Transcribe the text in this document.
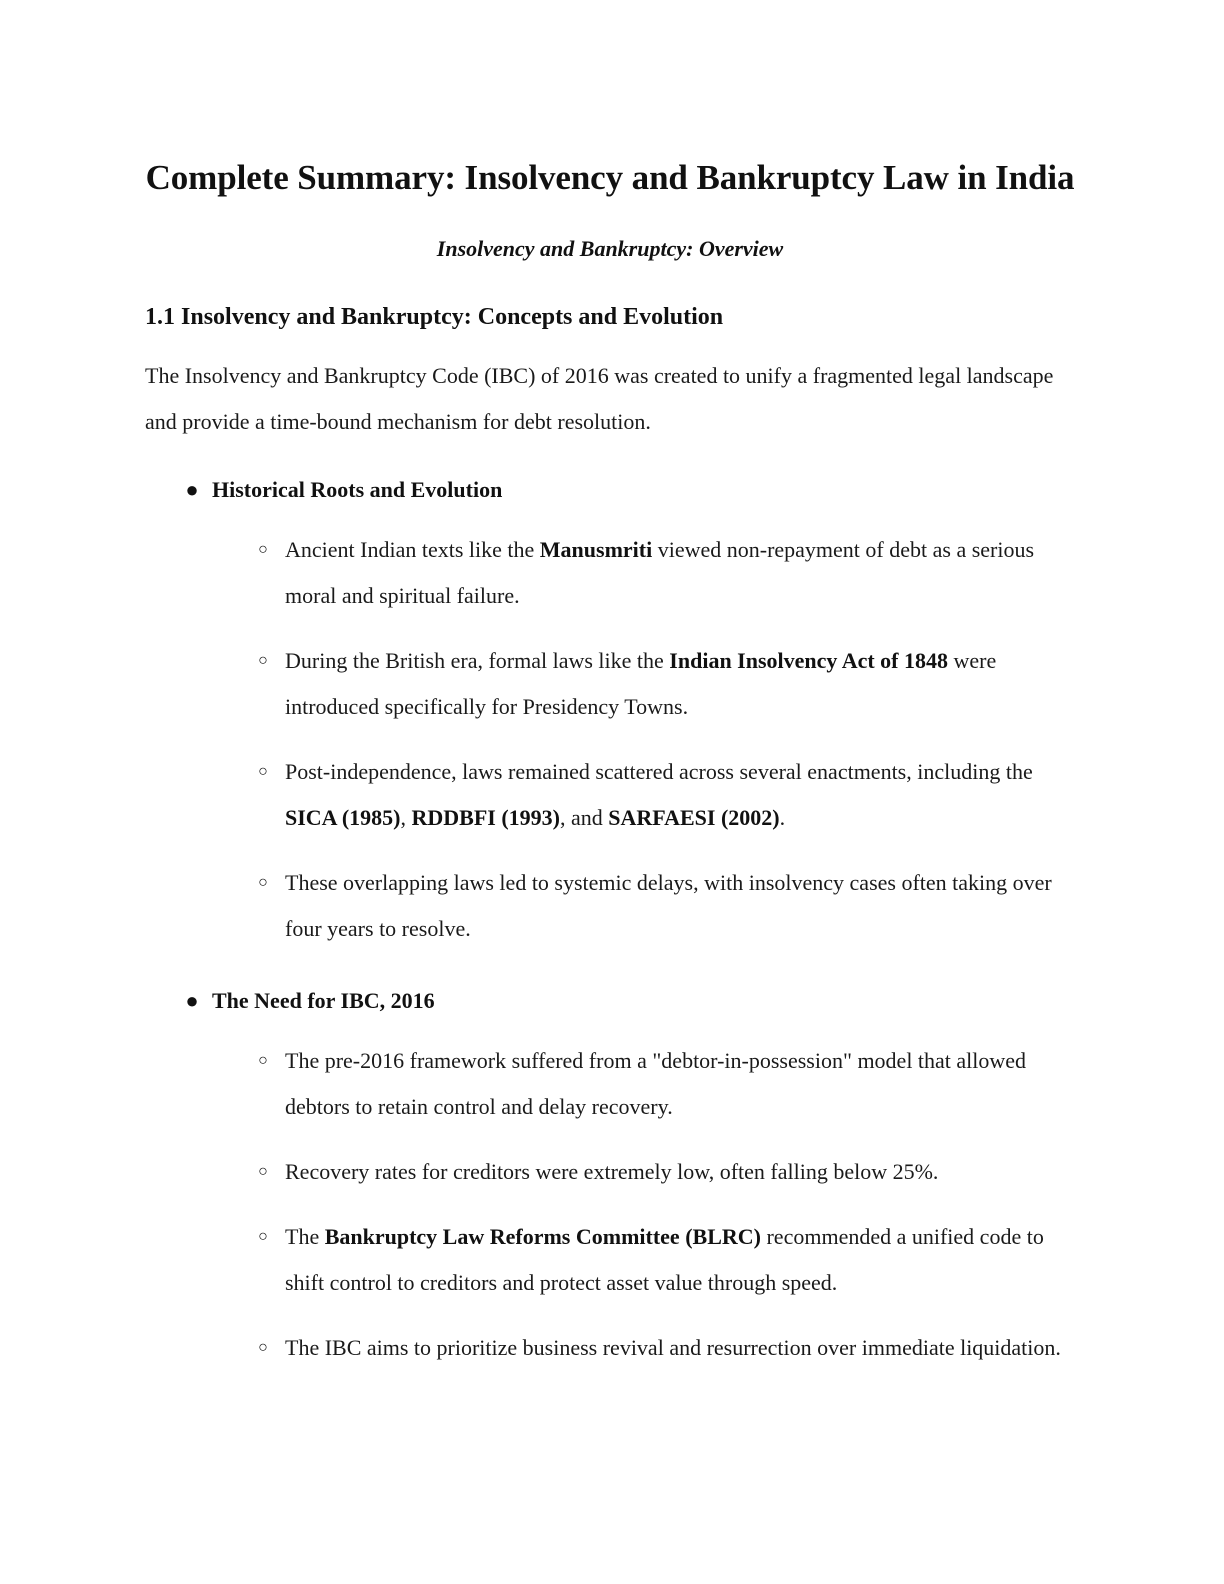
Complete Summary: Insolvency and Bankruptcy Law in India
Insolvency and Bankruptcy: Overview
1.1 Insolvency and Bankruptcy: Concepts and Evolution

The Insolvency and Bankruptcy Code (IBC) of 2016 was created to unify a fragmented legal landscape and provide a time-bound mechanism for debt resolution.

● Historical Roots and Evolution
○ Ancient Indian texts like the Manusmriti viewed non-repayment of debt as a serious moral and spiritual failure.
○ During the British era, formal laws like the Indian Insolvency Act of 1848 were introduced specifically for Presidency Towns.
○ Post-independence, laws remained scattered across several enactments, including the SICA (1985), RDDBFI (1993), and SARFAESI (2002).
○ These overlapping laws led to systemic delays, with insolvency cases often taking over four years to resolve.
● The Need for IBC, 2016
○ The pre-2016 framework suffered from a "debtor-in-possession" model that allowed debtors to retain control and delay recovery.
○ Recovery rates for creditors were extremely low, often falling below 25%.
○ The Bankruptcy Law Reforms Committee (BLRC) recommended a unified code to shift control to creditors and protect asset value through speed.
○ The IBC aims to prioritize business revival and resurrection over immediate liquidation.
